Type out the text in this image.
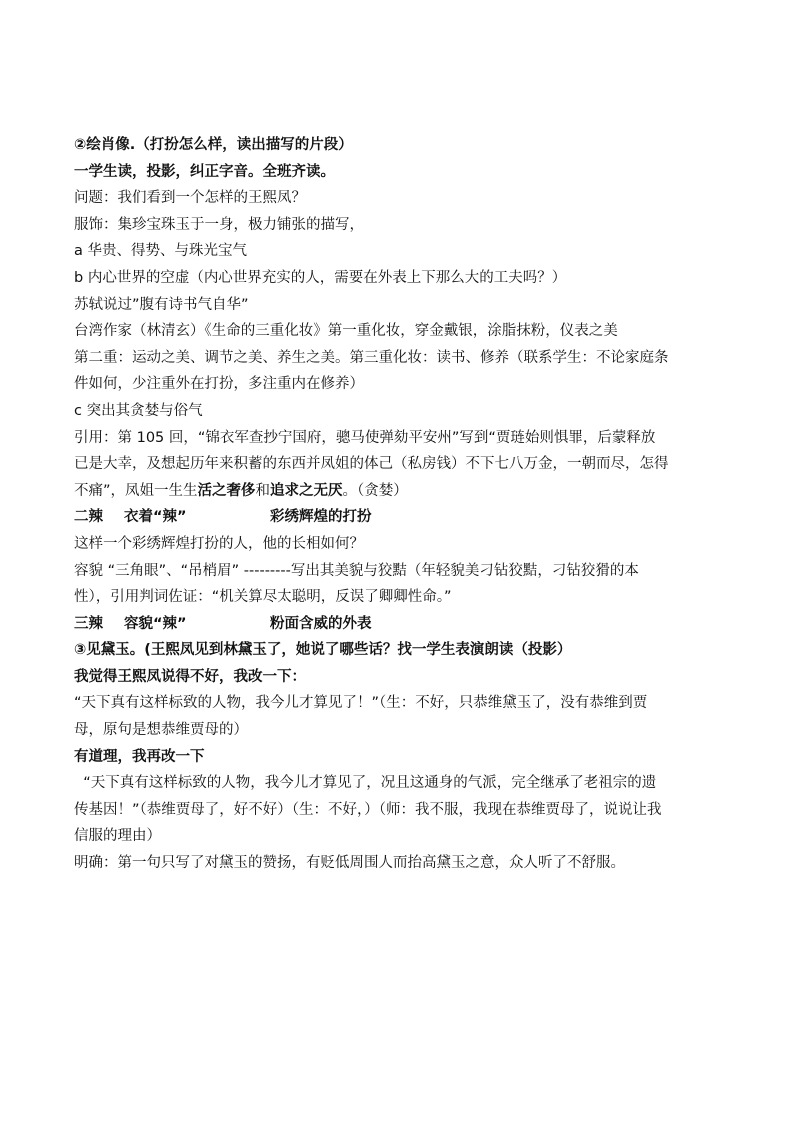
②绘肖像.（打扮怎么样，读出描写的片段）
一学生读，投影，纠正字音。全班齐读。
问题：我们看到一个怎样的王熙凤？
服饰：集珍宝珠玉于一身，极力铺张的描写，
a 华贵、得势、与珠光宝气
b 内心世界的空虚（内心世界充实的人，需要在外表上下那么大的工夫吗？）
苏轼说过”腹有诗书气自华”
台湾作家（林清玄）《生命的三重化妆》第一重化妆，穿金戴银，涂脂抹粉，仪表之美
第二重：运动之美、调节之美、养生之美。第三重化妆：读书、修养（联系学生：不论家庭条
件如何，少注重外在打扮，多注重内在修养）
c 突出其贪婪与俗气
引用：第 105 回，“锦衣军查抄宁国府，骢马使弹劾平安州”写到“贾琏始则惧罪，后蒙释放
已是大幸，及想起历年来积蓄的东西并凤姐的体己（私房钱）不下七八万金，一朝而尽，怎得
不痛”，凤姐一生生活之奢侈和追求之无厌。（贪婪）
二辣 衣着“辣”	彩绣辉煌的打扮
这样一个彩绣辉煌打扮的人，他的长相如何？
容貌 “三角眼”、“吊梢眉” ---------写出其美貌与狡黠（年轻貌美刁钻狡黠，刁钻狡猾的本
性），引用判词佐证：“机关算尽太聪明，反误了卿卿性命。”
三辣 容貌“辣”	粉面含威的外表
③见黛玉。(王熙凤见到林黛玉了，她说了哪些话？找一学生表演朗读（投影）
我觉得王熙凤说得不好，我改一下：
“天下真有这样标致的人物，我今儿才算见了！”（生：不好，只恭维黛玉了，没有恭维到贾
母，原句是想恭维贾母的）
有道理，我再改一下
“天下真有这样标致的人物，我今儿才算见了，况且这通身的气派，完全继承了老祖宗的遗
传基因！”（恭维贾母了，好不好）（生：不好，）（师：我不服，我现在恭维贾母了，说说让我
信服的理由）
明确：第一句只写了对黛玉的赞扬，有贬低周围人而抬高黛玉之意，众人听了不舒服。
